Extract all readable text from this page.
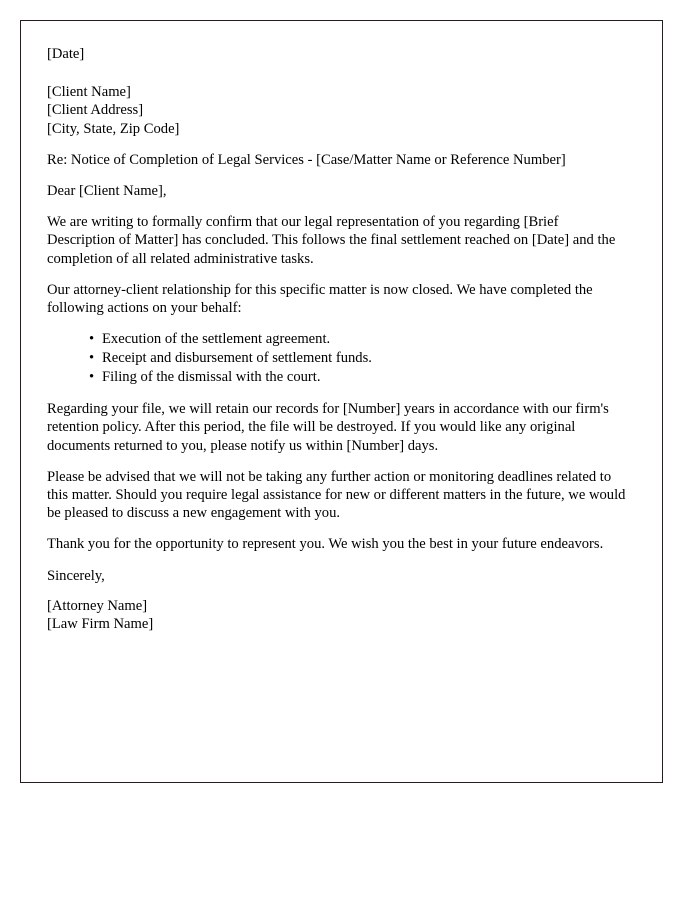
[Date]

[Client Name]
[Client Address]
[City, State, Zip Code]

Re: Notice of Completion of Legal Services - [Case/Matter Name or Reference Number]

Dear [Client Name],

We are writing to formally confirm that our legal representation of you regarding [Brief Description of Matter] has concluded. This follows the final settlement reached on [Date] and the completion of all related administrative tasks.

Our attorney-client relationship for this specific matter is now closed. We have completed the following actions on your behalf:

• Execution of the settlement agreement.
• Receipt and disbursement of settlement funds.
• Filing of the dismissal with the court.

Regarding your file, we will retain our records for [Number] years in accordance with our firm's retention policy. After this period, the file will be destroyed. If you would like any original documents returned to you, please notify us within [Number] days.

Please be advised that we will not be taking any further action or monitoring deadlines related to this matter. Should you require legal assistance for new or different matters in the future, we would be pleased to discuss a new engagement with you.

Thank you for the opportunity to represent you. We wish you the best in your future endeavors.

Sincerely,

[Attorney Name]
[Law Firm Name]
